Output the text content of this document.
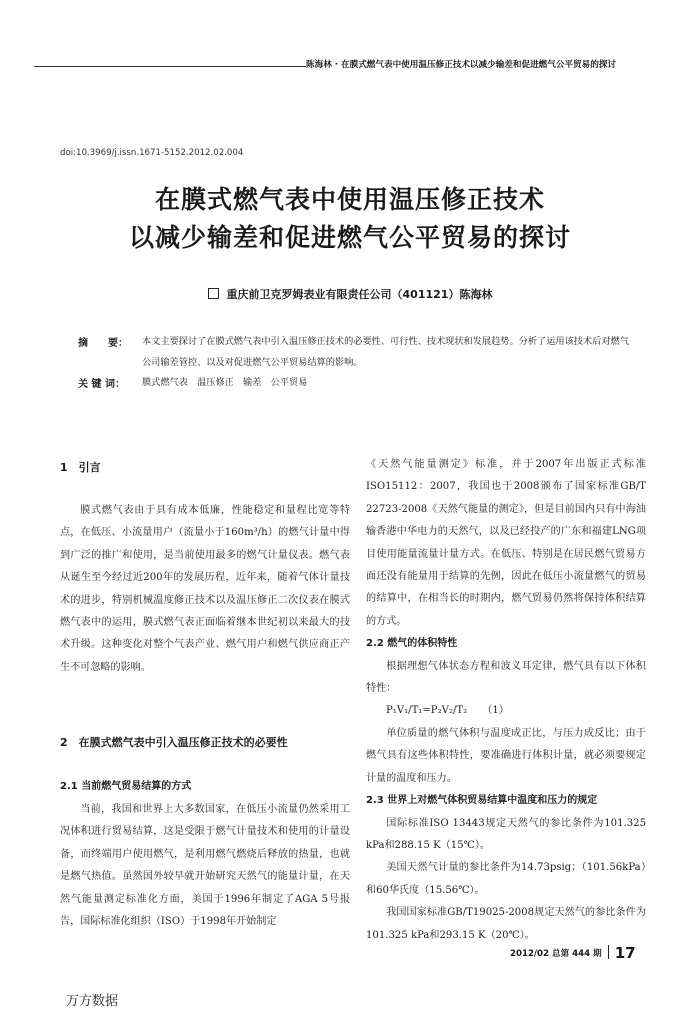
陈海林 · 在膜式燃气表中使用温压修正技术以减少输差和促进燃气公平贸易的探讨
doi:10.3969/j.issn.1671-5152.2012.02.004
在膜式燃气表中使用温压修正技术
以减少输差和促进燃气公平贸易的探讨
重庆前卫克罗姆表业有限责任公司（401121）陈海林
摘　　要： 本文主要探讨了在膜式燃气表中引入温压修正技术的必要性、可行性、技术现状和发展趋势。分析了运用该技术后对燃气公司输差管控、以及对促进燃气公平贸易结算的影响。
关 键 词： 膜式燃气表　温压修正　输差　公平贸易
1　引言

膜式燃气表由于具有成本低廉，性能稳定和量程比宽等特点，在低压、小流量用户（流量小于160m³/h）的燃气计量中得到广泛的推广和使用，是当前使用最多的燃气计量仪表。燃气表从诞生至今经过近200年的发展历程，近年来，随着气体计量技术的进步，特别机械温度修正技术以及温压修正二次仪表在膜式燃气表中的运用，膜式燃气表正面临着继本世纪初以来最大的技术升级。这种变化对整个气表产业、燃气用户和燃气供应商正产生不可忽略的影响。

2　在膜式燃气表中引入温压修正技术的必要性
2.1 当前燃气贸易结算的方式

当前，我国和世界上大多数国家，在低压小流量仍然采用工况体积进行贸易结算，这是受限于燃气计量技术和使用的计量设备，而终端用户使用燃气，是利用燃气燃烧后释放的热量，也就是燃气热值。虽然国外较早就开始研究天然气的能量计量，在天然气能量测定标准化方面，美国于1996年制定了AGA 5号报告，国际标准化组织（ISO）于1998年开始制定

《天然气能量测定》标准，并于2007年出版正式标准ISO15112：2007，我国也于2008颁布了国家标准GB/T 22723-2008《天然气能量的测定》，但是目前国内只有中海油输香港中华电力的天然气，以及已经投产的广东和福建LNG项目使用能量流量计量方式。在低压、特别是在居民燃气贸易方面还没有能量用于结算的先例，因此在低压小流量燃气的贸易的结算中，在相当长的时期内，燃气贸易仍然将保持体积结算的方式。

2.2 燃气的体积特性

根据理想气体状态方程和波义耳定律，燃气具有以下体积特性：

P₁V₁/T₁=P₂V₂/T₂　　（1）

单位质量的燃气体积与温度成正比，与压力成反比；由于燃气具有这些体积特性，要准确进行体积计量，就必须要规定计量的温度和压力。

2.3 世界上对燃气体积贸易结算中温度和压力的规定

国际标准ISO 13443规定天然气的参比条件为101.325 kPa和288.15 K（15℃）。

美国天然气计量的参比条件为14.73psig；（101.56kPa）和60华氏度（15.56℃）。

我国国家标准GB/T19025-2008规定天然气的参比条件为101.325 kPa和293.15 K（20℃）。

2012/02 总第 444 期 17
万方数据
